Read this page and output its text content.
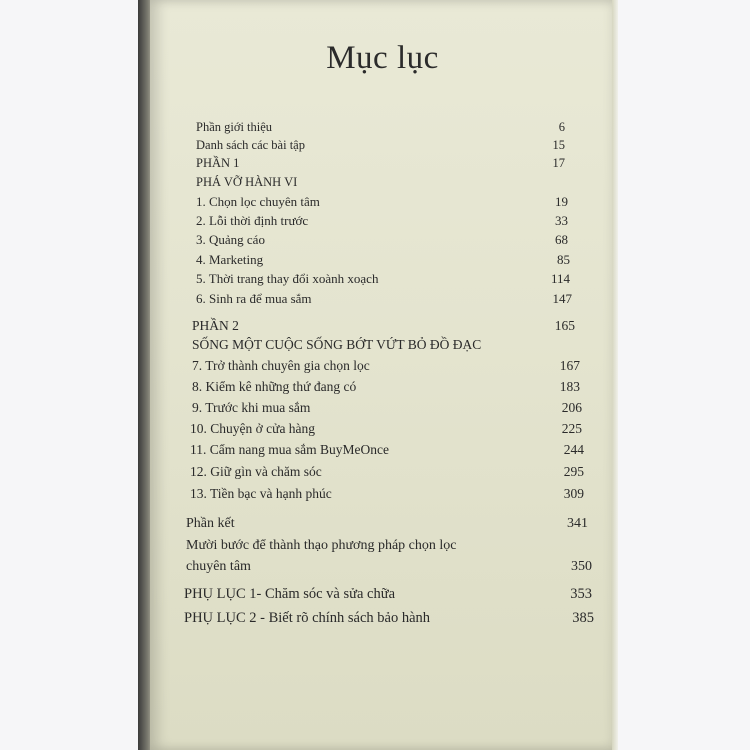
Mục lục
Phần giới thiệu	6
Danh sách các bài tập	15
PHẦN 1	17
PHÁ VỠ HÀNH VI
1. Chọn lọc chuyên tâm	19
2. Lỗi thời định trước	33
3. Quảng cáo	68
4. Marketing	85
5. Thời trang thay đổi xoành xoạch	114
6. Sinh ra để mua sắm	147
PHẦN 2	165
SỐNG MỘT CUỘC SỐNG BỚT VỨT BỎ ĐỒ ĐẠC
7. Trở thành chuyên gia chọn lọc	167
8. Kiểm kê những thứ đang có	183
9. Trước khi mua sắm	206
10. Chuyện ở cửa hàng	225
11. Cẩm nang mua sắm BuyMeOnce	244
12. Giữ gìn và chăm sóc	295
13. Tiền bạc và hạnh phúc	309
Phần kết	341
Mười bước để thành thạo phương pháp chọn lọc
chuyên tâm	350
PHỤ LỤC 1- Chăm sóc và sửa chữa	353
PHỤ LỤC 2 - Biết rõ chính sách bảo hành	385
